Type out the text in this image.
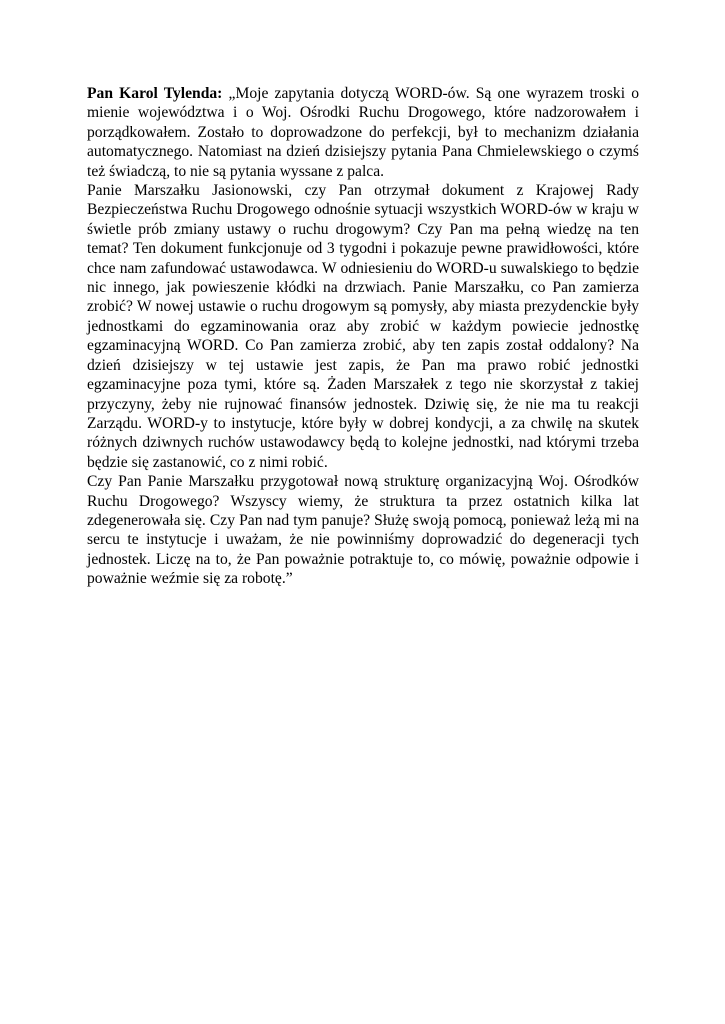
Pan Karol Tylenda: „Moje zapytania dotyczą WORD-ów. Są one wyrazem troski o mienie województwa i o Woj. Ośrodki Ruchu Drogowego, które nadzorowałem i porządkowałem. Zostało to doprowadzone do perfekcji, był to mechanizm działania automatycznego. Natomiast na dzień dzisiejszy pytania Pana Chmielewskiego o czymś też świadczą, to nie są pytania wyssane z palca.

Panie Marszałku Jasionowski, czy Pan otrzymał dokument z Krajowej Rady Bezpieczeństwa Ruchu Drogowego odnośnie sytuacji wszystkich WORD-ów w kraju w świetle prób zmiany ustawy o ruchu drogowym? Czy Pan ma pełną wiedzę na ten temat? Ten dokument funkcjonuje od 3 tygodni i pokazuje pewne prawidłowości, które chce nam zafundować ustawodawca. W odniesieniu do WORD-u suwalskiego to będzie nic innego, jak powieszenie kłódki na drzwiach. Panie Marszałku, co Pan zamierza zrobić? W nowej ustawie o ruchu drogowym są pomysły, aby miasta prezydenckie były jednostkami do egzaminowania oraz aby zrobić w każdym powiecie jednostkę egzaminacyjną WORD. Co Pan zamierza zrobić, aby ten zapis został oddalony? Na dzień dzisiejszy w tej ustawie jest zapis, że Pan ma prawo robić jednostki egzaminacyjne poza tymi, które są. Żaden Marszałek z tego nie skorzystał z takiej przyczyny, żeby nie rujnować finansów jednostek. Dziwię się, że nie ma tu reakcji Zarządu. WORD-y to instytucje, które były w dobrej kondycji, a za chwilę na skutek różnych dziwnych ruchów ustawodawcy będą to kolejne jednostki, nad którymi trzeba będzie się zastanowić, co z nimi robić.

Czy Pan Panie Marszałku przygotował nową strukturę organizacyjną Woj. Ośrodków Ruchu Drogowego? Wszyscy wiemy, że struktura ta przez ostatnich kilka lat zdegenerowała się. Czy Pan nad tym panuje? Służę swoją pomocą, ponieważ leżą mi na sercu te instytucje i uważam, że nie powinniśmy doprowadzić do degeneracji tych jednostek. Liczę na to, że Pan poważnie potraktuje to, co mówię, poważnie odpowie i poważnie weźmie się za robotę.”
